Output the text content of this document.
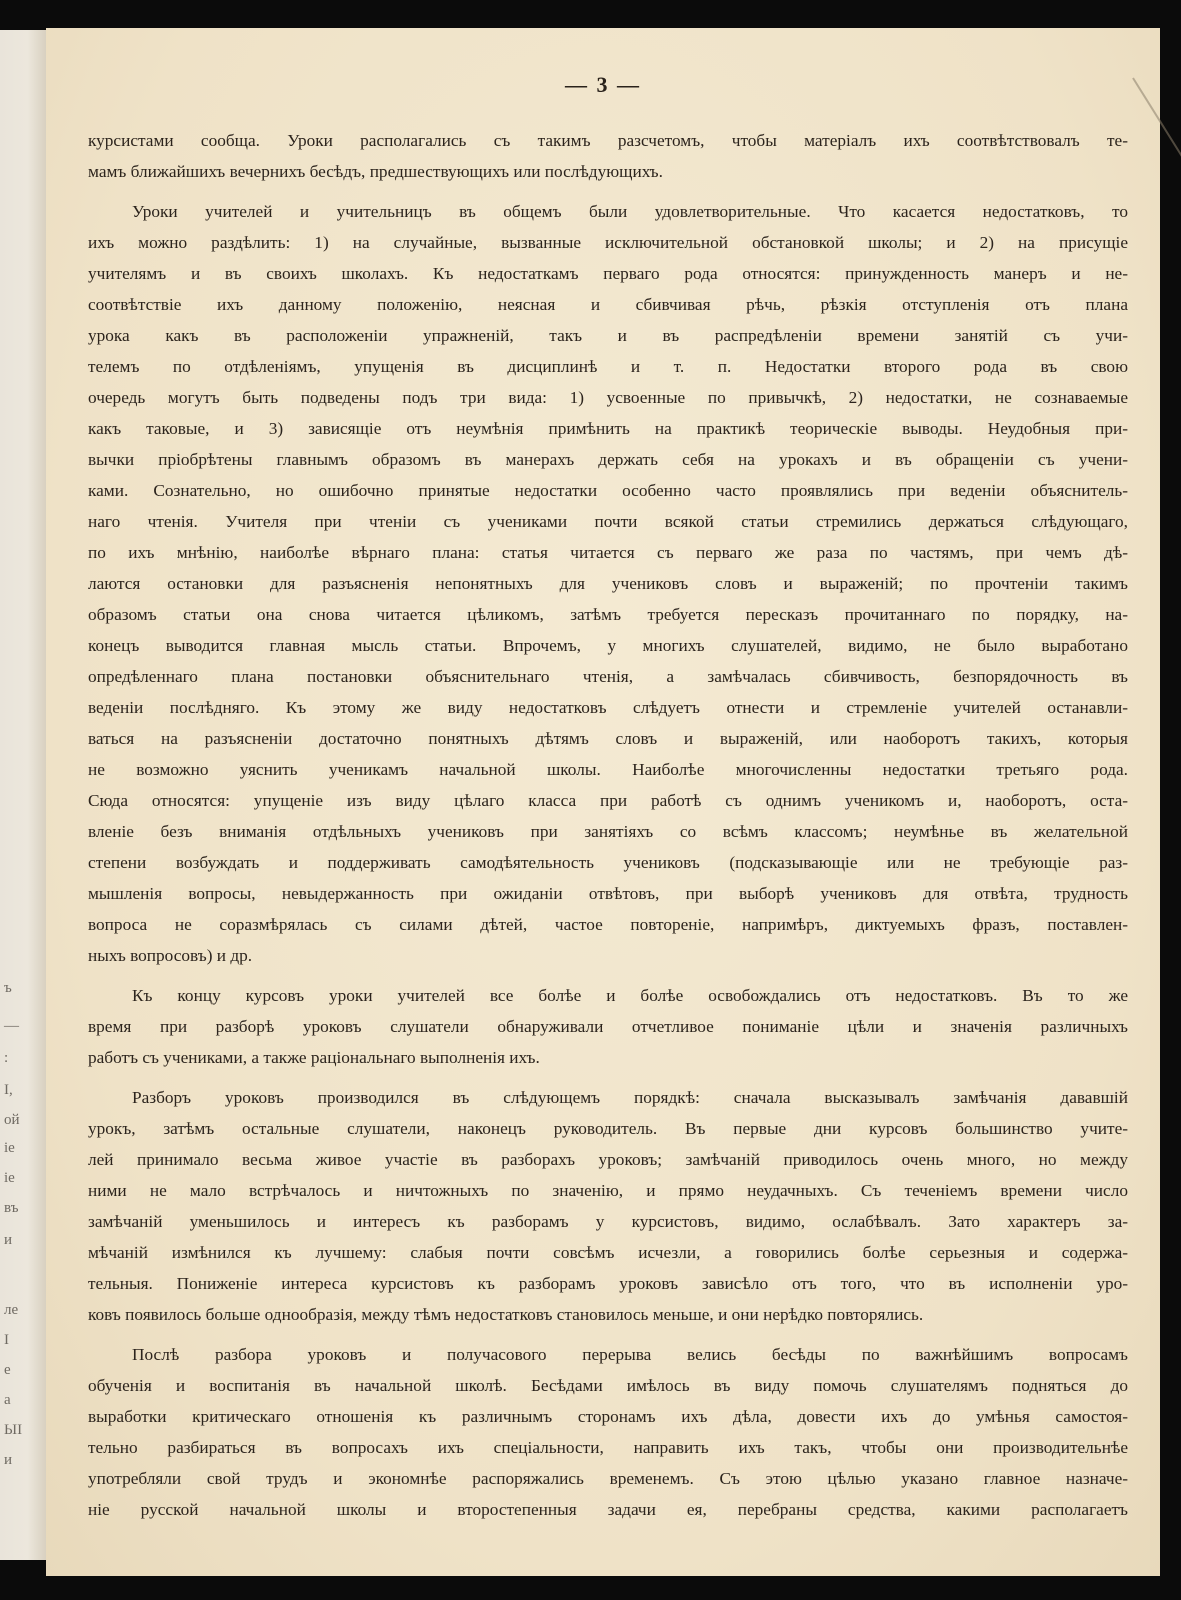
ъ
—
:
I,
ой
iе
iе
въ
и
ле
I
е
а
ЫI
и
— 3 —
курсистами сообща. Уроки располагались съ такимъ разсчетомъ, чтобы матеріалъ ихъ соотвѣтствовалъ те-
мамъ ближайшихъ вечернихъ бесѣдъ, предшествующихъ или послѣдующихъ.
Уроки учителей и учительницъ въ общемъ были удовлетворительные. Что касается недостатковъ, то
ихъ можно раздѣлить: 1) на случайные, вызванные исключительной обстановкой школы; и 2) на присущіе
учителямъ и въ своихъ школахъ. Къ недостаткамъ перваго рода относятся: принужденность манеръ и не-
соотвѣтствіе ихъ данному положенію, неясная и сбивчивая рѣчь, рѣзкія отступленія отъ плана
урока какъ въ расположеніи упражненій, такъ и въ распредѣленіи времени занятій съ учи-
телемъ по отдѣленіямъ, упущенія въ дисциплинѣ и т. п. Недостатки второго рода въ свою
очередь могутъ быть подведены подъ три вида: 1) усвоенные по привычкѣ, 2) недостатки, не сознаваемые
какъ таковые, и 3) зависящіе отъ неумѣнія примѣнить на практикѣ теорическіе выводы. Неудобныя при-
вычки пріобрѣтены главнымъ образомъ въ манерахъ держать себя на урокахъ и въ обращеніи съ учени-
ками. Сознательно, но ошибочно принятые недостатки особенно часто проявлялись при веденіи объяснитель-
наго чтенія. Учителя при чтеніи съ учениками почти всякой статьи стремились держаться слѣдующаго,
по ихъ мнѣнію, наиболѣе вѣрнаго плана: статья читается съ перваго же раза по частямъ, при чемъ дѣ-
лаются остановки для разъясненія непонятныхъ для учениковъ словъ и выраженій; по прочтеніи такимъ
образомъ статьи она снова читается цѣликомъ, затѣмъ требуется пересказъ прочитаннаго по порядку, на-
конецъ выводится главная мысль статьи. Впрочемъ, у многихъ слушателей, видимо, не было выработано
опредѣленнаго плана постановки объяснительнаго чтенія, а замѣчалась сбивчивость, безпорядочность въ
веденіи послѣдняго. Къ этому же виду недостатковъ слѣдуетъ отнести и стремленіе учителей останавли-
ваться на разъясненіи достаточно понятныхъ дѣтямъ словъ и выраженій, или наоборотъ такихъ, которыя
не возможно уяснить ученикамъ начальной школы. Наиболѣе многочисленны недостатки третьяго рода.
Сюда относятся: упущеніе изъ виду цѣлаго класса при работѣ съ однимъ ученикомъ и, наоборотъ, оста-
вленіе безъ вниманія отдѣльныхъ учениковъ при занятіяхъ со всѣмъ классомъ; неумѣнье въ желательной
степени возбуждать и поддерживать самодѣятельность учениковъ (подсказывающіе или не требующіе раз-
мышленія вопросы, невыдержанность при ожиданіи отвѣтовъ, при выборѣ учениковъ для отвѣта, трудность
вопроса не соразмѣрялась съ силами дѣтей, частое повтореніе, напримѣръ, диктуемыхъ фразъ, поставлен-
ныхъ вопросовъ) и др.
Къ концу курсовъ уроки учителей все болѣе и болѣе освобождались отъ недостатковъ. Въ то же
время при разборѣ уроковъ слушатели обнаруживали отчетливое пониманіе цѣли и значенія различныхъ
работъ съ учениками, а также раціональнаго выполненія ихъ.
Разборъ уроковъ производился въ слѣдующемъ порядкѣ: сначала высказывалъ замѣчанія дававшій
урокъ, затѣмъ остальные слушатели, наконецъ руководитель. Въ первые дни курсовъ большинство учите-
лей принимало весьма живое участіе въ разборахъ уроковъ; замѣчаній приводилось очень много, но между
ними не мало встрѣчалось и ничтожныхъ по значенію, и прямо неудачныхъ. Съ теченіемъ времени число
замѣчаній уменьшилось и интересъ къ разборамъ у курсистовъ, видимо, ослабѣвалъ. Зато характеръ за-
мѣчаній измѣнился къ лучшему: слабыя почти совсѣмъ исчезли, а говорились болѣе серьезныя и содержа-
тельныя. Пониженіе интереса курсистовъ къ разборамъ уроковъ зависѣло отъ того, что въ исполненіи уро-
ковъ появилось больше однообразія, между тѣмъ недостатковъ становилось меньше, и они нерѣдко повторялись.
Послѣ разбора уроковъ и получасового перерыва велись бесѣды по важнѣйшимъ вопросамъ
обученія и воспитанія въ начальной школѣ. Бесѣдами имѣлось въ виду помочь слушателямъ подняться до
выработки критическаго отношенія къ различнымъ сторонамъ ихъ дѣла, довести ихъ до умѣнья самостоя-
тельно разбираться въ вопросахъ ихъ спеціальности, направить ихъ такъ, чтобы они производительнѣе
употребляли свой трудъ и экономнѣе распоряжались временемъ. Съ этою цѣлью указано главное назначе-
ніе русской начальной школы и второстепенныя задачи ея, перебраны средства, какими располагаетъ
